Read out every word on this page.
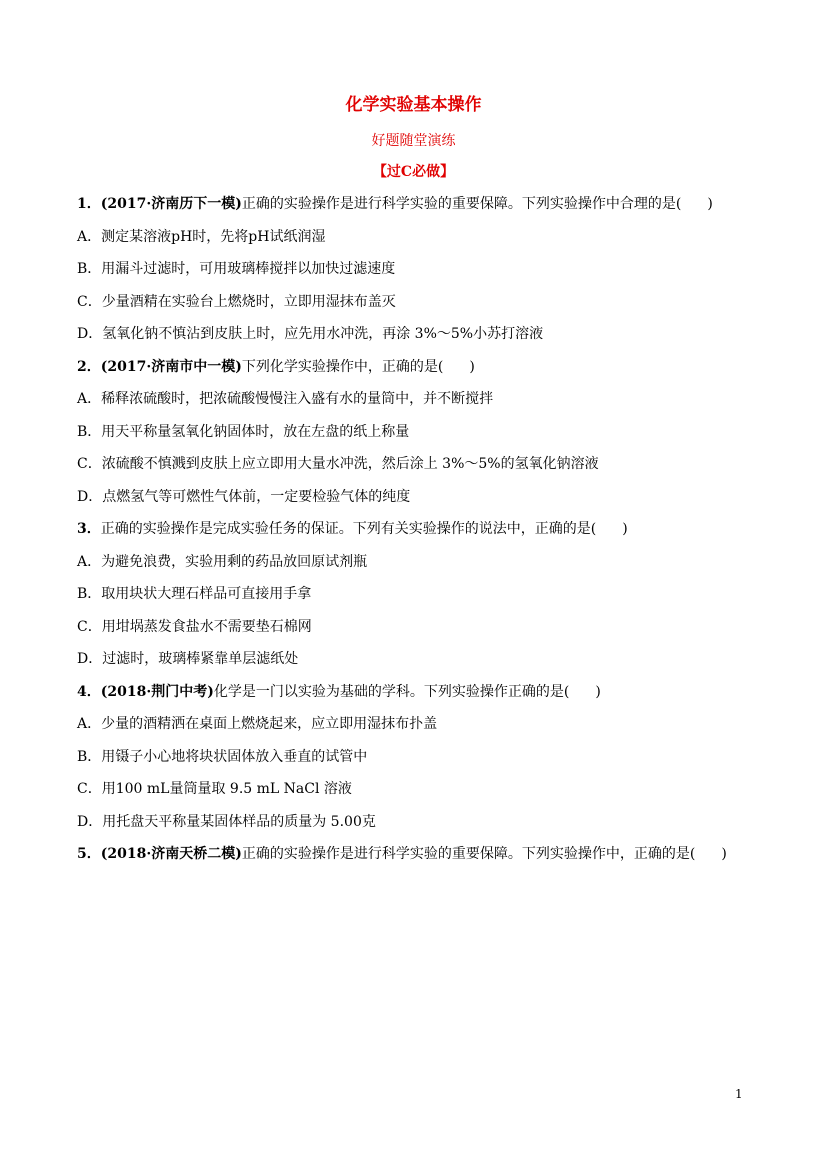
化学实验基本操作
好题随堂演练
【过C必做】
1．(2017·济南历下一模)正确的实验操作是进行科学实验的重要保障。下列实验操作中合理的是( )
A．测定某溶液pH时，先将pH试纸润湿
B．用漏斗过滤时，可用玻璃棒搅拌以加快过滤速度
C．少量酒精在实验台上燃烧时，立即用湿抹布盖灭
D．氢氧化钠不慎沾到皮肤上时，应先用水冲洗，再涂 3%～5%小苏打溶液
2．(2017·济南市中一模)下列化学实验操作中，正确的是( )
A．稀释浓硫酸时，把浓硫酸慢慢注入盛有水的量筒中，并不断搅拌
B．用天平称量氢氧化钠固体时，放在左盘的纸上称量
C．浓硫酸不慎溅到皮肤上应立即用大量水冲洗，然后涂上 3%～5%的氢氧化钠溶液
D．点燃氢气等可燃性气体前，一定要检验气体的纯度
3．正确的实验操作是完成实验任务的保证。下列有关实验操作的说法中，正确的是( )
A．为避免浪费，实验用剩的药品放回原试剂瓶
B．取用块状大理石样品可直接用手拿
C．用坩埚蒸发食盐水不需要垫石棉网
D．过滤时，玻璃棒紧靠单层滤纸处
4．(2018·荆门中考)化学是一门以实验为基础的学科。下列实验操作正确的是( )
A．少量的酒精洒在桌面上燃烧起来，应立即用湿抹布扑盖
B．用镊子小心地将块状固体放入垂直的试管中
C．用100 mL量筒量取 9.5 mL NaCl 溶液
D．用托盘天平称量某固体样品的质量为 5.00克
5．(2018·济南天桥二模)正确的实验操作是进行科学实验的重要保障。下列实验操作中，正确的是( )
1
